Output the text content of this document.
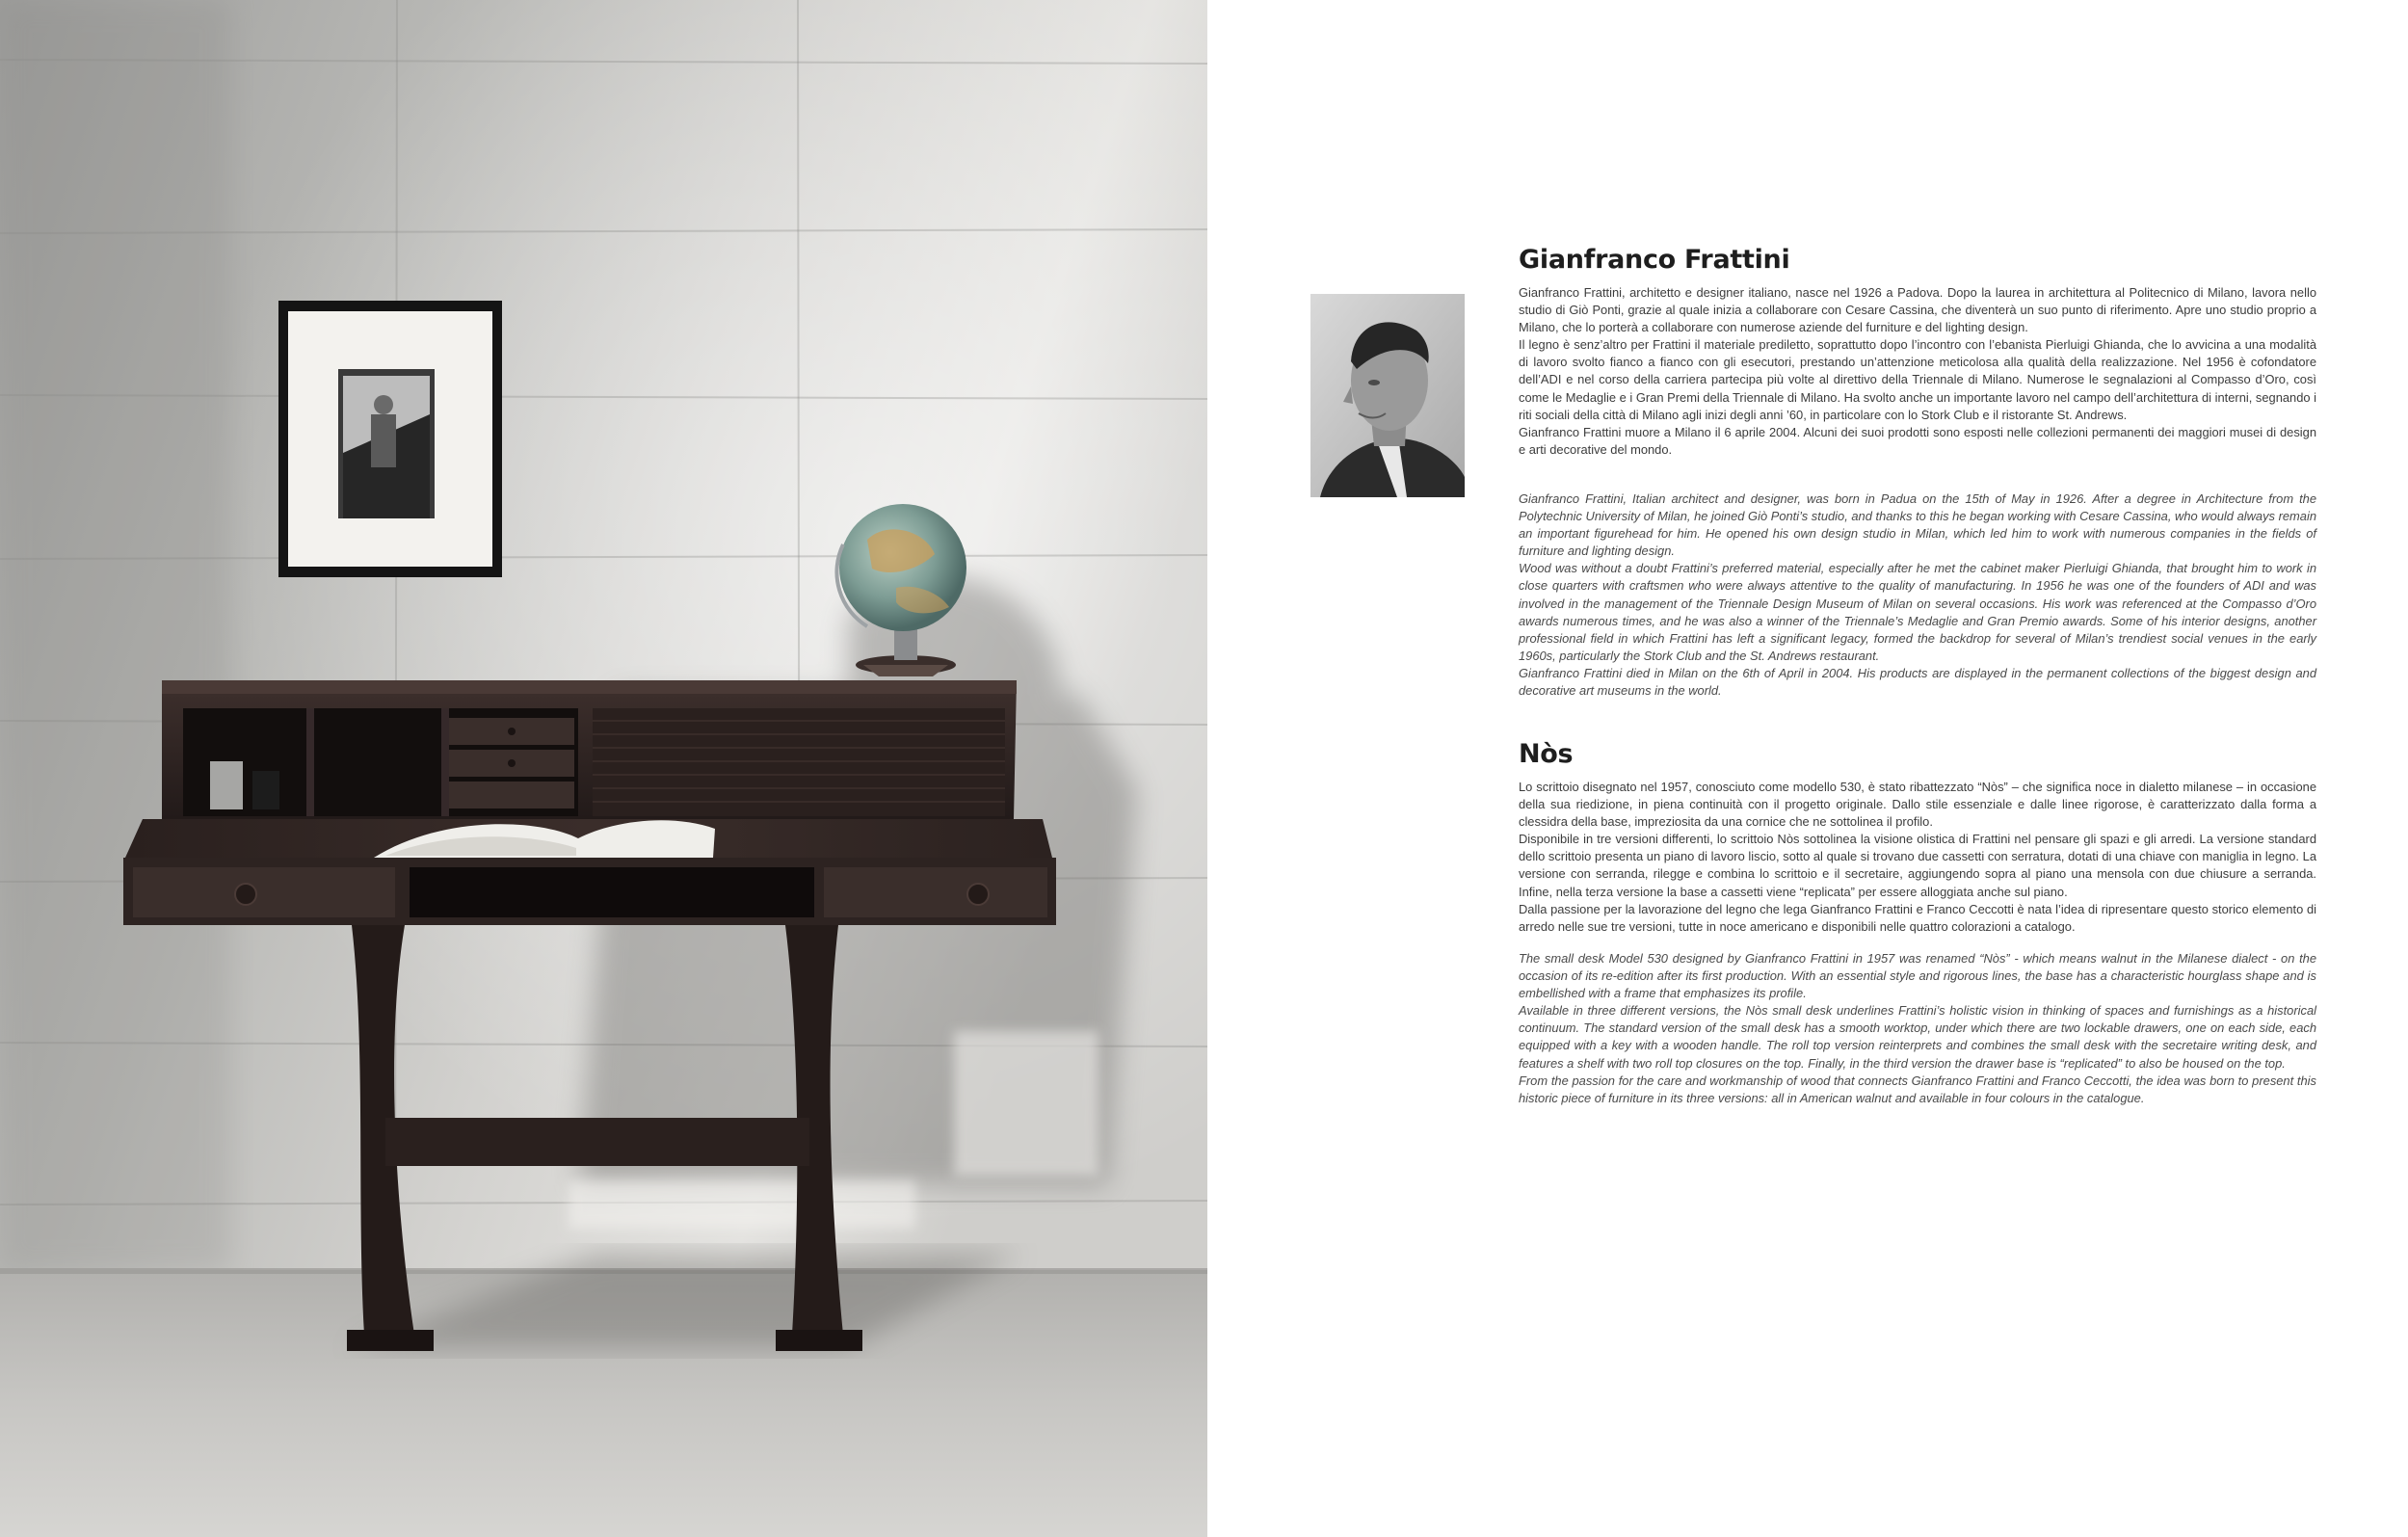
Gianfranco Frattini

Gianfranco Frattini, architetto e designer italiano, nasce nel 1926 a Padova. Dopo la laurea in architettura al Politecnico di Milano, lavora nello studio di Giò Ponti, grazie al quale inizia a collaborare con Cesare Cassina, che diventerà un suo punto di riferimento. Apre uno studio proprio a Milano, che lo porterà a collaborare con numerose aziende del furniture e del lighting design.

Il legno è senz’altro per Frattini il materiale prediletto, soprattutto dopo l’incontro con l’ebanista Pierluigi Ghianda, che lo avvicina a una modalità di lavoro svolto fianco a fianco con gli esecutori, prestando un’attenzione meticolosa alla qualità della realizzazione. Nel 1956 è cofondatore dell’ADI e nel corso della carriera partecipa più volte al direttivo della Triennale di Milano. Numerose le segnalazioni al Compasso d’Oro, così come le Medaglie e i Gran Premi della Triennale di Milano. Ha svolto anche un importante lavoro nel campo dell’architettura di interni, segnando i riti sociali della città di Milano agli inizi degli anni ’60, in particolare con lo Stork Club e il ristorante St. Andrews.

Gianfranco Frattini muore a Milano il 6 aprile 2004. Alcuni dei suoi prodotti sono esposti nelle collezioni permanenti dei maggiori musei di design e arti decorative del mondo.

Gianfranco Frattini, Italian architect and designer, was born in Padua on the 15th of May in 1926. After a degree in Architecture from the Polytechnic University of Milan, he joined Giò Ponti’s studio, and thanks to this he began working with Cesare Cassina, who would always remain an important figurehead for him. He opened his own design studio in Milan, which led him to work with numerous companies in the fields of furniture and lighting design.

Wood was without a doubt Frattini’s preferred material, especially after he met the cabinet maker Pierluigi Ghianda, that brought him to work in close quarters with craftsmen who were always attentive to the quality of manufacturing. In 1956 he was one of the founders of ADI and was involved in the management of the Triennale Design Museum of Milan on several occasions. His work was referenced at the Compasso d’Oro awards numerous times, and he was also a winner of the Triennale’s Medaglie and Gran Premio awards. Some of his interior designs, another professional field in which Frattini has left a significant legacy, formed the backdrop for several of Milan’s trendiest social venues in the early 1960s, particularly the Stork Club and the St. Andrews restaurant.

Gianfranco Frattini died in Milan on the 6th of April in 2004. His products are displayed in the permanent collections of the biggest design and decorative art museums in the world.

Nòs

Lo scrittoio disegnato nel 1957, conosciuto come modello 530, è stato ribattezzato “Nòs” – che significa noce in dialetto milanese – in occasione della sua riedizione, in piena continuità con il progetto originale. Dallo stile essenziale e dalle linee rigorose, è caratterizzato dalla forma a clessidra della base, impreziosita da una cornice che ne sottolinea il profilo.

Disponibile in tre versioni differenti, lo scrittoio Nòs sottolinea la visione olistica di Frattini nel pensare gli spazi e gli arredi. La versione standard dello scrittoio presenta un piano di lavoro liscio, sotto al quale si trovano due cassetti con serratura, dotati di una chiave con maniglia in legno. La versione con serranda, rilegge e combina lo scrittoio e il secretaire, aggiungendo sopra al piano una mensola con due chiusure a serranda. Infine, nella terza versione la base a cassetti viene “replicata” per essere alloggiata anche sul piano.

Dalla passione per la lavorazione del legno che lega Gianfranco Frattini e Franco Ceccotti è nata l’idea di ripresentare questo storico elemento di arredo nelle sue tre versioni, tutte in noce americano e disponibili nelle quattro colorazioni a catalogo.

The small desk Model 530 designed by Gianfranco Frattini in 1957 was renamed “Nòs” - which means walnut in the Milanese dialect - on the occasion of its re-edition after its first production. With an essential style and rigorous lines, the base has a characteristic hourglass shape and is embellished with a frame that emphasizes its profile.

Available in three different versions, the Nòs small desk underlines Frattini’s holistic vision in thinking of spaces and furnishings as a historical continuum. The standard version of the small desk has a smooth worktop, under which there are two lockable drawers, one on each side, each equipped with a key with a wooden handle. The roll top version reinterprets and combines the small desk with the secretaire writing desk, and features a shelf with two roll top closures on the top. Finally, in the third version the drawer base is “replicated” to also be housed on the top.

From the passion for the care and workmanship of wood that connects Gianfranco Frattini and Franco Ceccotti, the idea was born to present this historic piece of furniture in its three versions: all in American walnut and available in four colours in the catalogue.
